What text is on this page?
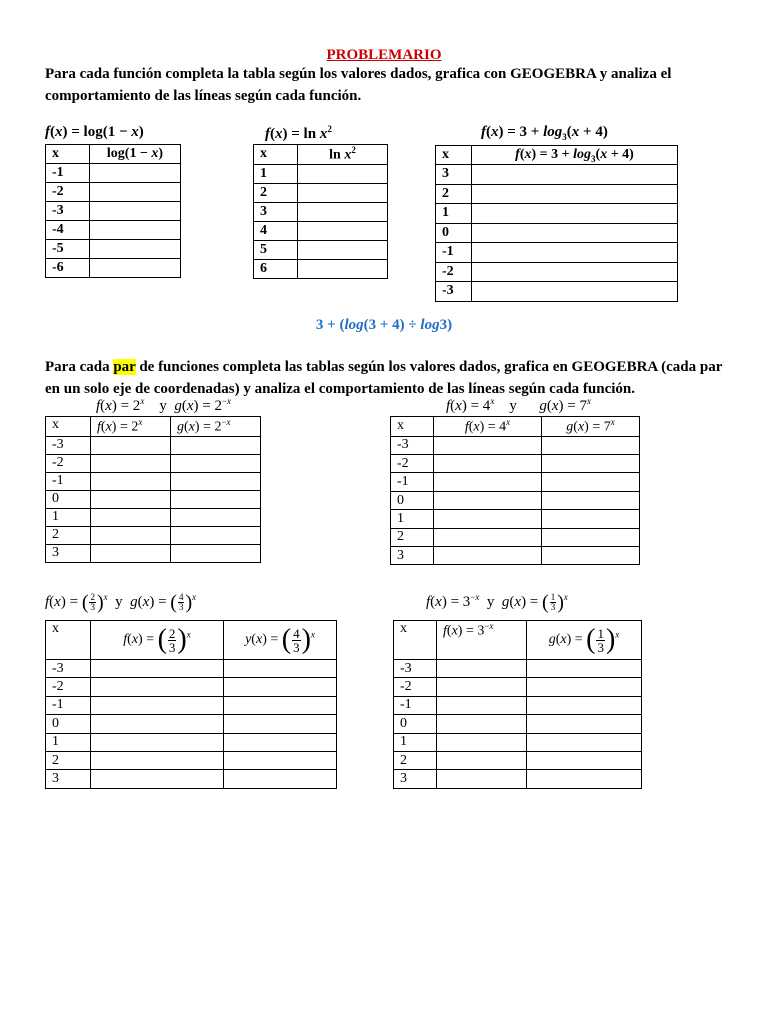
PROBLEMARIO
Para cada función completa la tabla según los valores dados, grafica con GEOGEBRA y analiza el comportamiento de las líneas según cada función.
f(x) = log(1 − x)
x	log(1 − x)
-1	
-2	
-3	
-4	
-5	
-6	
$f(x) = \ln x^2$
x	$\ln x^2$
1	
2	
3	
4	
5	
6	
$f(x) = 3 + \log_3(x + 4)$
x	$f(x) = 3 + \log_3(x + 4)$
3	
2	
1	
0	
-1	
-2	
-3	
3 + (log(3 + 4) ÷ log3)
Para cada par de funciones completa las tablas según los valores dados, grafica en GEOGEBRA (cada par en un solo eje de coordenadas) y analiza el comportamiento de las líneas según cada función.
$f(x) = 2^x$    y  $g(x) = 2^{-x}$
x	$f(x) = 2^x$	$g(x) = 2^{-x}$
-3		
-2		
-1		
0		
1		
2		
3		
$f(x) = 4^x$    y      $g(x) = 7^x$
x	$f(x) = 4^x$	$g(x) = 7^x$
-3		
-2		
-1		
0		
1		
2		
3		
f(x) = ( $\frac{2}{3} )^x$  y  g(x) = ( $\frac{4}{3} )^x$
x	f(x) = ( $\frac{2}{3} )^x$	y(x) = ( $\frac{4}{3} )^x$
-3		
-2		
-1		
0		
1		
2		
3		
$f(x) = 3^{-x}$  y  g(x) = ( $\frac{1}{3} )^x$
x	$f(x) = 3^{-x}$	g(x) = ( $\frac{1}{3} )^x$
-3		
-2		
-1		
0		
1		
2		
3		
